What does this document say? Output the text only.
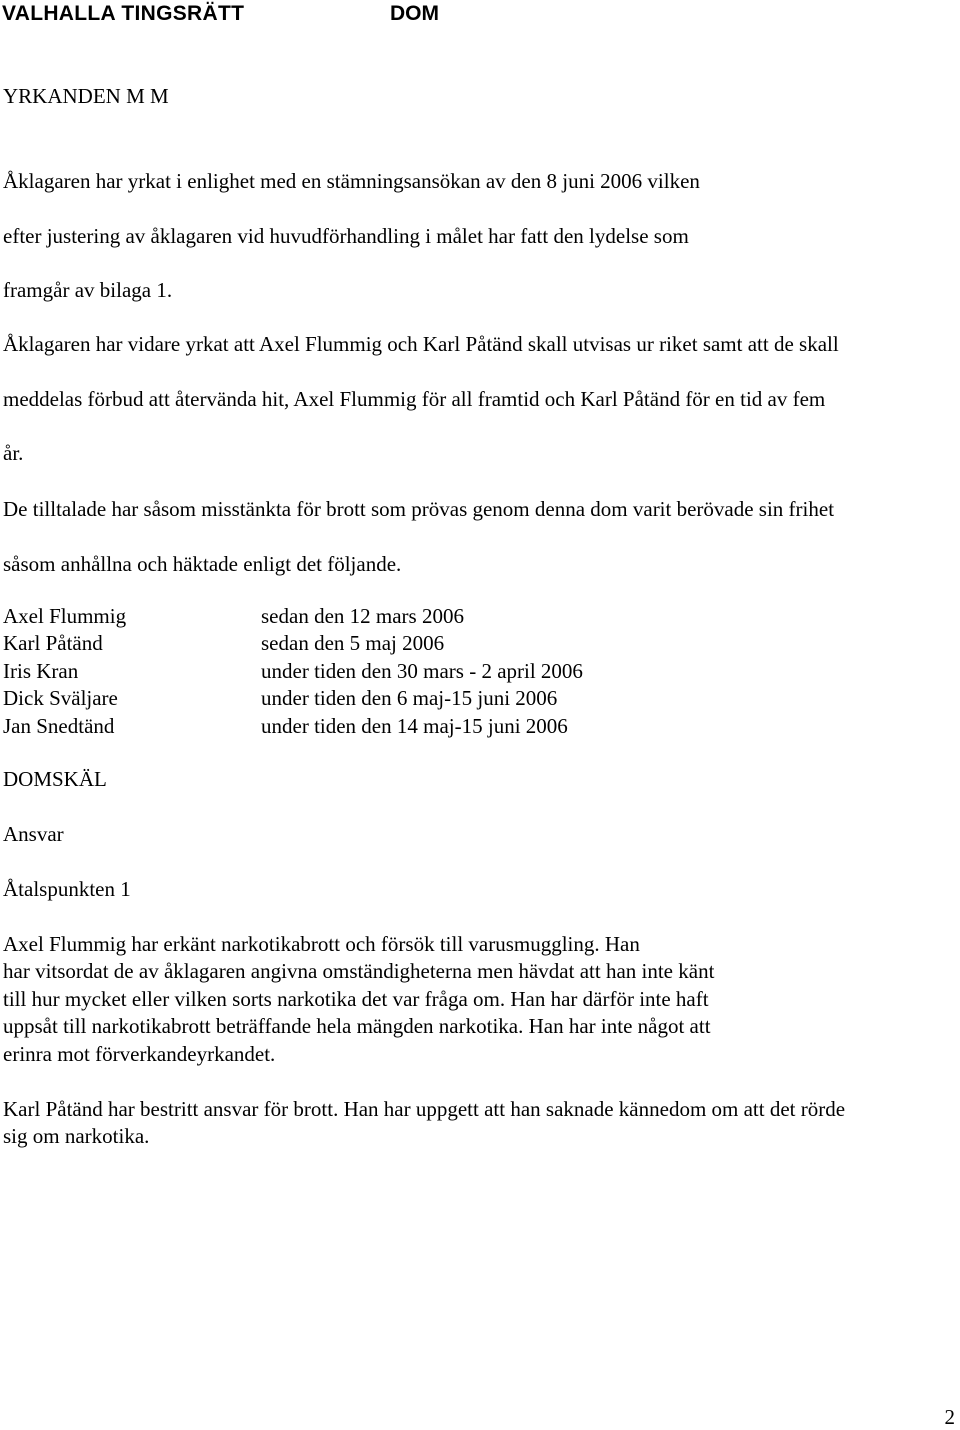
VALHALLA TINGSRÄTT	DOM
YRKANDEN M M
Åklagaren har yrkat i enlighet med en stämningsansökan av den 8 juni 2006 vilken
efter justering av åklagaren vid huvudförhandling i målet har fatt den lydelse som
framgår av bilaga 1.
Åklagaren har vidare yrkat att Axel Flummig och Karl Påtänd skall utvisas ur riket samt att de skall
meddelas förbud att återvända hit, Axel Flummig för all framtid och Karl Påtänd för en tid av fem
år.
De tilltalade har såsom misstänkta för brott som prövas genom denna dom varit berövade sin frihet
såsom anhållna och häktade enligt det följande.
Axel Flummig	sedan den 12 mars 2006
Karl Påtänd	sedan den 5 maj 2006
Iris Kran	under tiden den 30 mars - 2 april 2006
Dick Sväljare	under tiden den 6 maj-15 juni 2006
Jan Snedtänd	under tiden den 14 maj-15 juni 2006
DOMSKÄL
Ansvar
Åtalspunkten 1
Axel Flummig har erkänt narkotikabrott och försök till varusmuggling. Han
har vitsordat de av åklagaren angivna omständigheterna men hävdat att han inte känt
till hur mycket eller vilken sorts narkotika det var fråga om. Han har därför inte haft
uppsåt till narkotikabrott beträffande hela mängden narkotika. Han har inte något att
erinra mot förverkandeyrkandet.
Karl Påtänd har bestritt ansvar för brott. Han har uppgett att han saknade kännedom om att det rörde
sig om narkotika.
2
